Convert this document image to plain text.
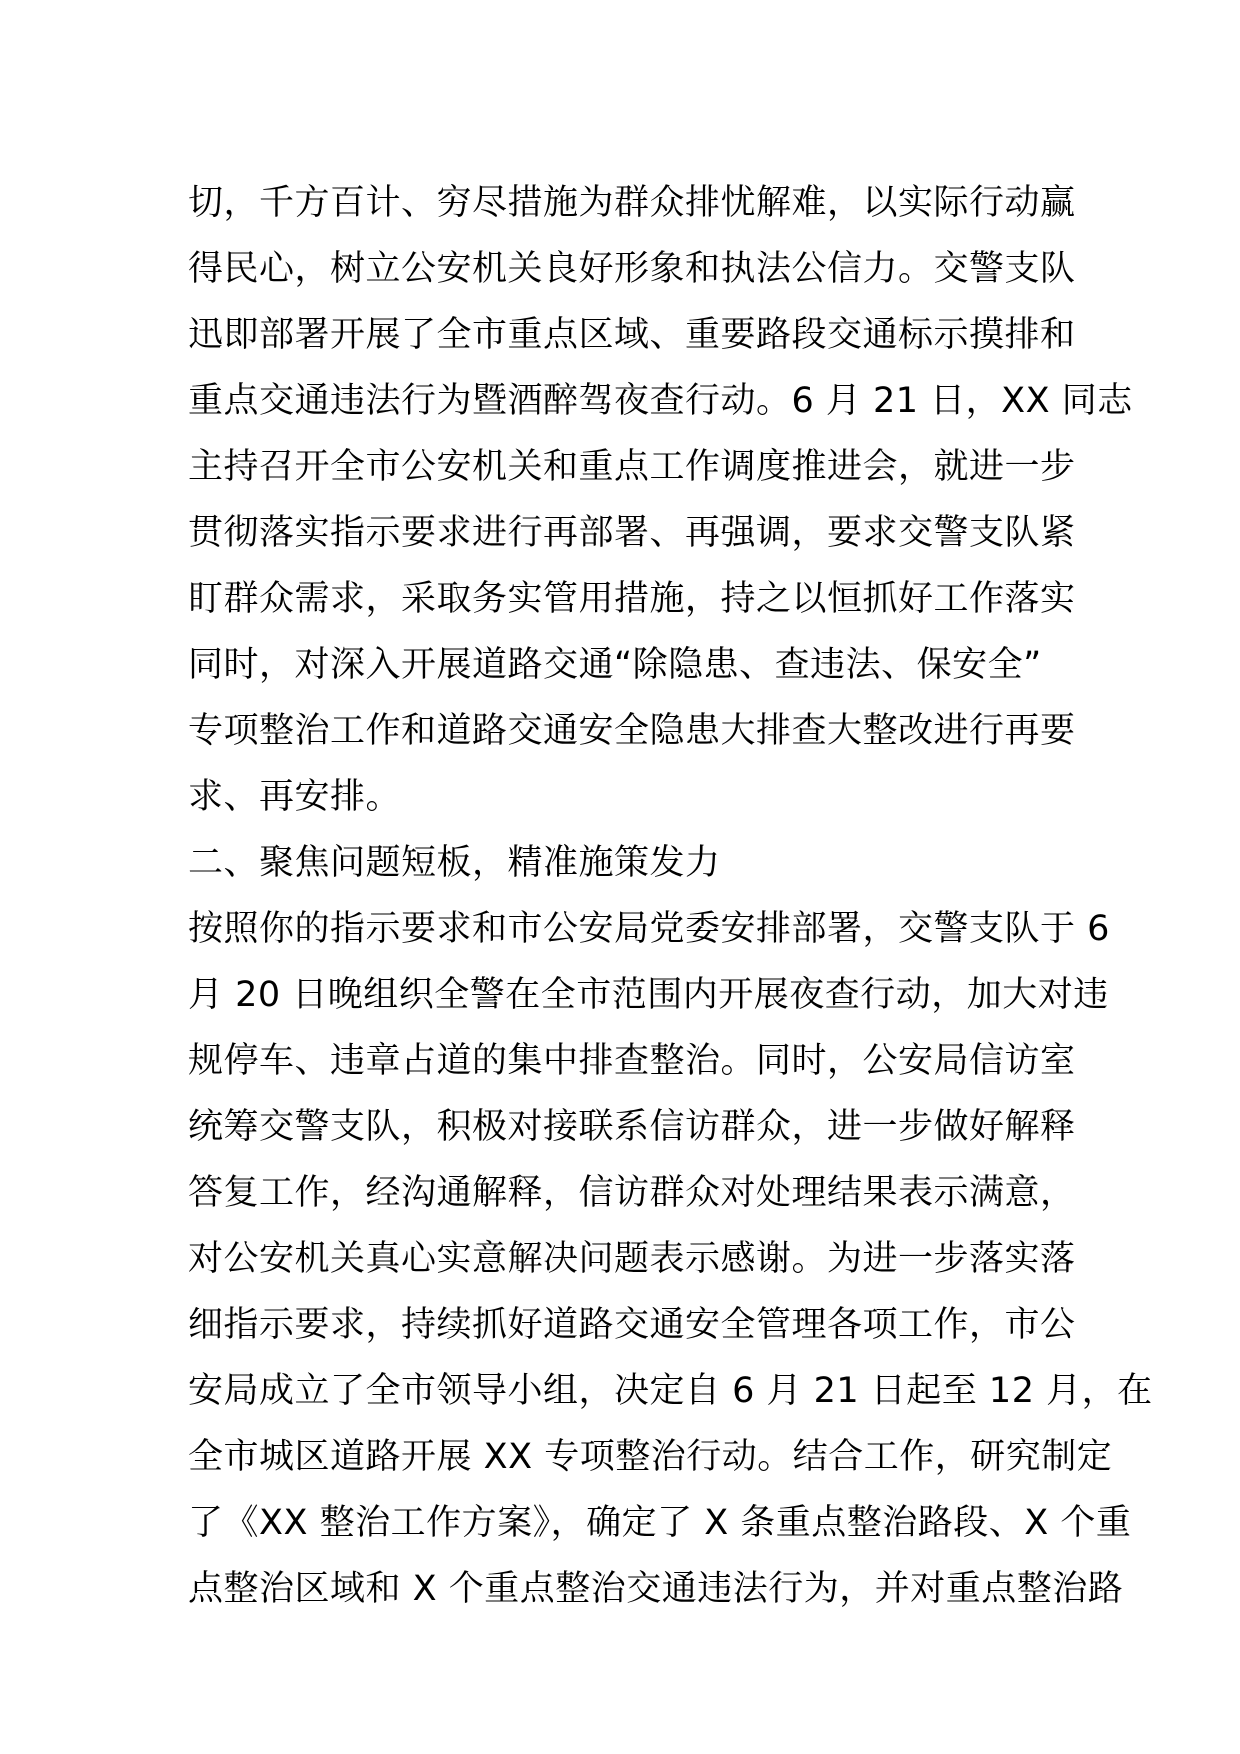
切，千方百计、穷尽措施为群众排忧解难，以实际行动赢
得民心，树立公安机关良好形象和执法公信力。交警支队
迅即部署开展了全市重点区域、重要路段交通标示摸排和
重点交通违法行为暨酒醉驾夜查行动。6 月 21 日，XX 同志
主持召开全市公安机关和重点工作调度推进会，就进一步
贯彻落实指示要求进行再部署、再强调，要求交警支队紧
盯群众需求，采取务实管用措施，持之以恒抓好工作落实
同时，对深入开展道路交通“除隐患、查违法、保安全”
专项整治工作和道路交通安全隐患大排查大整改进行再要
求、再安排。
二、聚焦问题短板，精准施策发力
按照你的指示要求和市公安局党委安排部署，交警支队于 6
月 20 日晚组织全警在全市范围内开展夜查行动，加大对违
规停车、违章占道的集中排查整治。同时，公安局信访室
统筹交警支队，积极对接联系信访群众，进一步做好解释
答复工作，经沟通解释，信访群众对处理结果表示满意，
对公安机关真心实意解决问题表示感谢。为进一步落实落
细指示要求，持续抓好道路交通安全管理各项工作，市公
安局成立了全市领导小组，决定自 6 月 21 日起至 12 月，在
全市城区道路开展 XX 专项整治行动。结合工作，研究制定
了《XX 整治工作方案》，确定了 X 条重点整治路段、X 个重
点整治区域和 X 个重点整治交通违法行为，并对重点整治路
